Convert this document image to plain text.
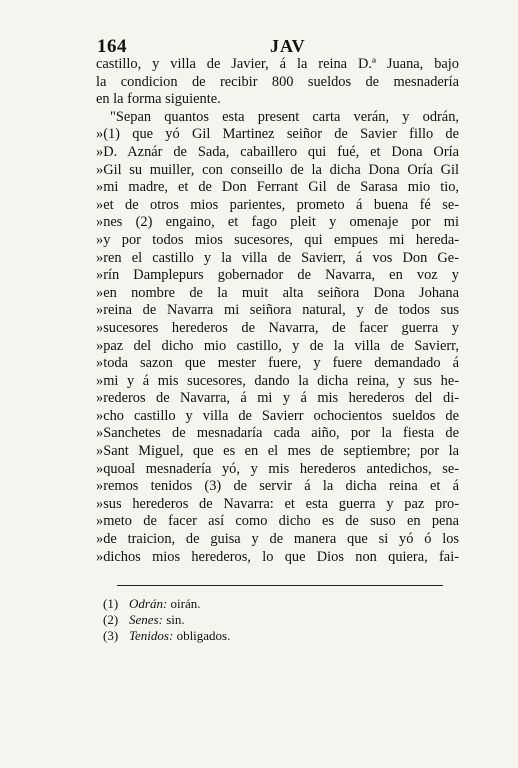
164	JAV
castillo, y villa de Javier, á la reina D.ª Juana, bajo
la condicion de recibir 800 sueldos de mesnadería
en la forma siguiente.
"Sepan quantos esta present carta verán, y odrán,
»(1) que yó Gil Martinez seiñor de Savier fillo de
»D. Aznár de Sada, cabaillero qui fué, et Dona Oría
»Gil su muiller, con conseillo de la dicha Dona Oría Gil
»mi madre, et de Don Ferrant Gil de Sarasa mio tio,
»et de otros mios parientes, prometo á buena fé se-
»nes (2) engaino, et fago pleit y omenaje por mi
»y por todos mios sucesores, qui empues mi hereda-
»ren el castillo y la villa de Savierr, á vos Don Ge-
»rín Damplepurs gobernador de Navarra, en voz y
»en nombre de la muit alta seiñora Dona Johana
»reina de Navarra mi seiñora natural, y de todos sus
»sucesores herederos de Navarra, de facer guerra y
»paz del dicho mio castillo, y de la villa de Savierr,
»toda sazon que mester fuere, y fuere demandado á
»mi y á mis sucesores, dando la dicha reina, y sus he-
»rederos de Navarra, á mi y á mis herederos del di-
»cho castillo y villa de Savierr ochocientos sueldos de
»Sanchetes de mesnadaría cada aiño, por la fiesta de
»Sant Miguel, que es en el mes de septiembre; por la
»quoal mesnadería yó, y mis herederos antedichos, se-
»remos tenidos (3) de servir á la dicha reina et á
»sus herederos de Navarra: et esta guerra y paz pro-
»meto de facer así como dicho es de suso en pena
»de traicion, de guisa y de manera que si yó ó los
»dichos mios herederos, lo que Dios non quiera, fai-
(1) Odrán: oirán.
(2) Senes: sin.
(3) Tenidos: obligados.
